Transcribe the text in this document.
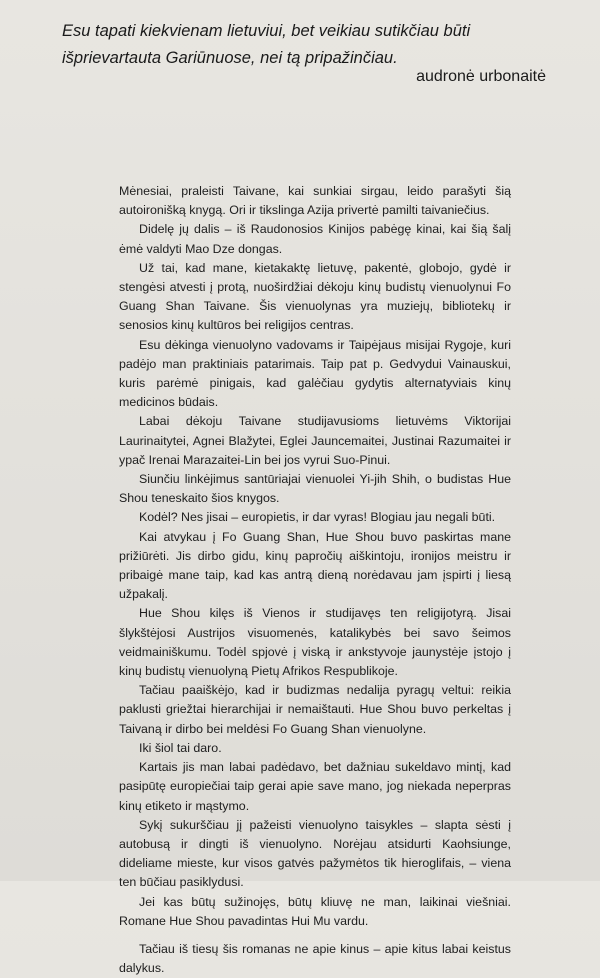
Esu tapati kiekvienam lietuviui, bet veikiau sutikčiau būti
išprievartauta Gariūnuose, nei tą pripažinčiau.
audronė urbonaitė

Mėnesiai, praleisti Taivane, kai sunkiai sirgau, leido parašyti šią autoironišką knygą. Ori ir tikslinga Azija privertė pamilti taivaniečius.

Didelę jų dalis – iš Raudonosios Kinijos pabėgę kinai, kai šią šalį ėmė valdyti Mao Dze dongas.

Už tai, kad mane, kietakaktę lietuvę, pakentė, globojo, gydė ir stengėsi atvesti į protą, nuoširdžiai dėkoju kinų budistų vienuolynui Fo Guang Shan Taivane. Šis vienuolynas yra muziejų, bibliotekų ir senosios kinų kultūros bei religijos centras.

Esu dėkinga vienuolyno vadovams ir Taipėjaus misijai Rygoje, kuri padėjo man praktiniais patarimais. Taip pat p. Gedvydui Vainauskui, kuris parėmė pinigais, kad galėčiau gydytis alternatyviais kinų medicinos būdais.

Labai dėkoju Taivane studijavusioms lietuvėms Viktorijai Laurinaitytei, Agnei Blažytei, Eglei Jauncemaitei, Justinai Razumaitei ir ypač Irenai Marazaitei-Lin bei jos vyrui Suo-Pinui.

Siunčiu linkėjimus santūriajai vienuolei Yi-jih Shih, o budistas Hue Shou teneskaito šios knygos.

Kodėl? Nes jisai – europietis, ir dar vyras! Blogiau jau negali būti.

Kai atvykau į Fo Guang Shan, Hue Shou buvo paskirtas mane prižiūrėti. Jis dirbo gidu, kinų papročių aiškintoju, ironijos meistru ir pribaigė mane taip, kad kas antrą dieną norėdavau jam įspirti į liesą užpakalį.

Hue Shou kilęs iš Vienos ir studijavęs ten religijotyrą. Jisai šlykštėjosi Austrijos visuomenės, katalikybės bei savo šeimos veidmainiškumu. Todėl spjovė į viską ir ankstyvoje jaunystėje įstojo į kinų budistų vienuolyną Pietų Afrikos Respublikoje.

Tačiau paaiškėjo, kad ir budizmas nedalija pyragų veltui: reikia paklusti griežtai hierarchijai ir nemaištauti. Hue Shou buvo perkeltas į Taivaną ir dirbo bei meldėsi Fo Guang Shan vienuolyne.

Iki šiol tai daro.

Kartais jis man labai padėdavo, bet dažniau sukeldavo mintį, kad pasipūtę europiečiai taip gerai apie save mano, jog niekada neperpras kinų etiketo ir mąstymo.

Sykį sukurščiau jį pažeisti vienuolyno taisykles – slapta sėsti į autobusą ir dingti iš vienuolyno. Norėjau atsidurti Kaohsiunge, dideliame mieste, kur visos gatvės pažymėtos tik hieroglifais, – viena ten būčiau pasiklydusi.

Jei kas būtų sužinojęs, būtų kliuvę ne man, laikinai viešniai. Romane Hue Shou pavadintas Hui Mu vardu.

Tačiau iš tiesų šis romanas ne apie kinus – apie kitus labai keistus dalykus.
